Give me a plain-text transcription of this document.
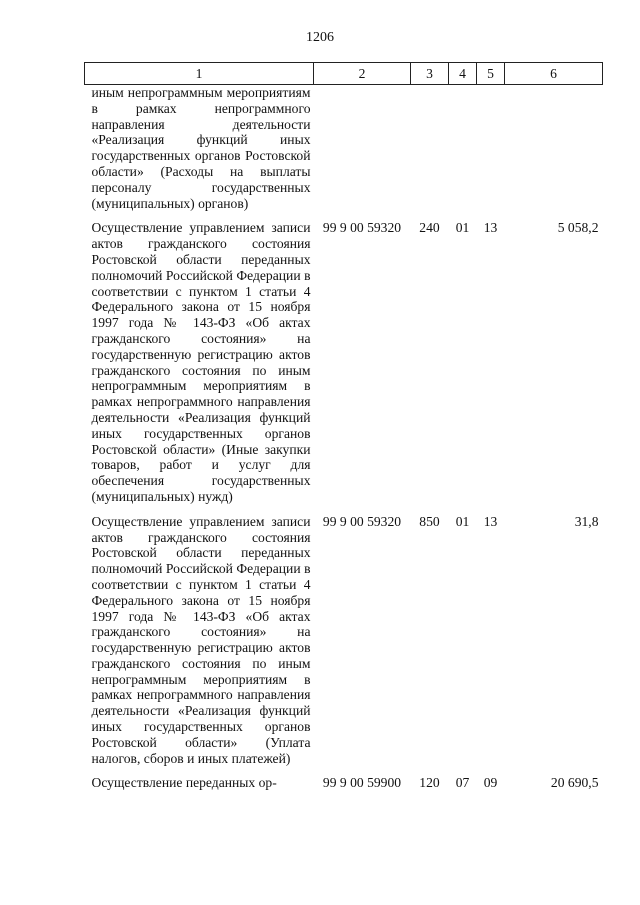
1206
1	2	3	4	5	6

иным непрограммным мероприятиям в рамках непрограммного направления деятельности «Реализация функций иных государственных органов Ростовской области» (Расходы на выплаты персоналу государственных (муниципальных) органов)					

Осуществление управлением записи актов гражданского состояния Ростовской области переданных полномочий Российской Федерации в соответствии с пунктом 1 статьи 4 Федерального закона от 15 ноября 1997 года № 143-ФЗ «Об актах гражданского состояния» на государственную регистрацию актов гражданского состояния по иным непрограммным мероприятиям в рамках непрограммного направления деятельности «Реализация функций иных государственных органов Ростовской области» (Иные закупки товаров, работ и услуг для обеспечения государственных (муниципальных) нужд)	99 9 00 59320	240	01	13	5 058,2

Осуществление управлением записи актов гражданского состояния Ростовской области переданных полномочий Российской Федерации в соответствии с пунктом 1 статьи 4 Федерального закона от 15 ноября 1997 года № 143-ФЗ «Об актах гражданского состояния» на государственную регистрацию актов гражданского состояния по иным непрограммным мероприятиям в рамках непрограммного направления деятельности «Реализация функций иных государственных органов Ростовской области» (Уплата налогов, сборов и иных платежей)	99 9 00 59320	850	01	13	31,8

Осуществление переданных ор-	99 9 00 59900	120	07	09	20 690,5
